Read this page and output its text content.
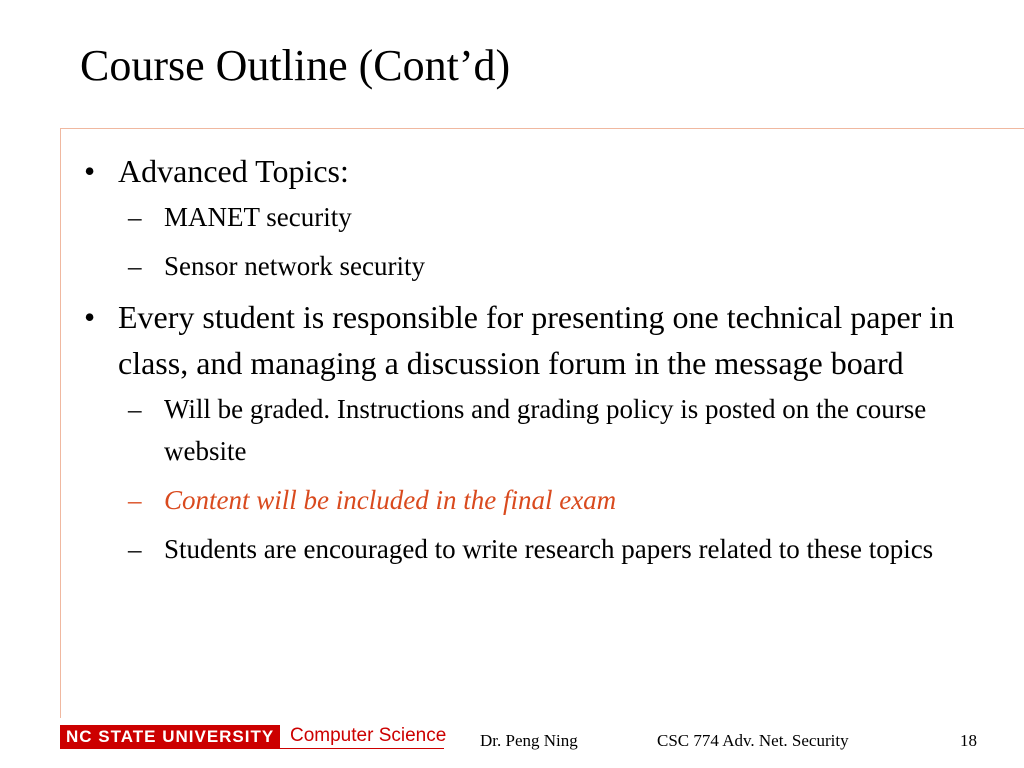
Course Outline (Cont’d)
• Advanced Topics:
– MANET security
– Sensor network security
• Every student is responsible for presenting one technical paper in class, and managing a discussion forum in the message board
– Will be graded. Instructions and grading policy is posted on the course website
– Content will be included in the final exam
– Students are encouraged to write research papers related to these topics
NC STATE UNIVERSITY Computer Science Dr. Peng Ning	CSC 774 Adv. Net. Security	18
